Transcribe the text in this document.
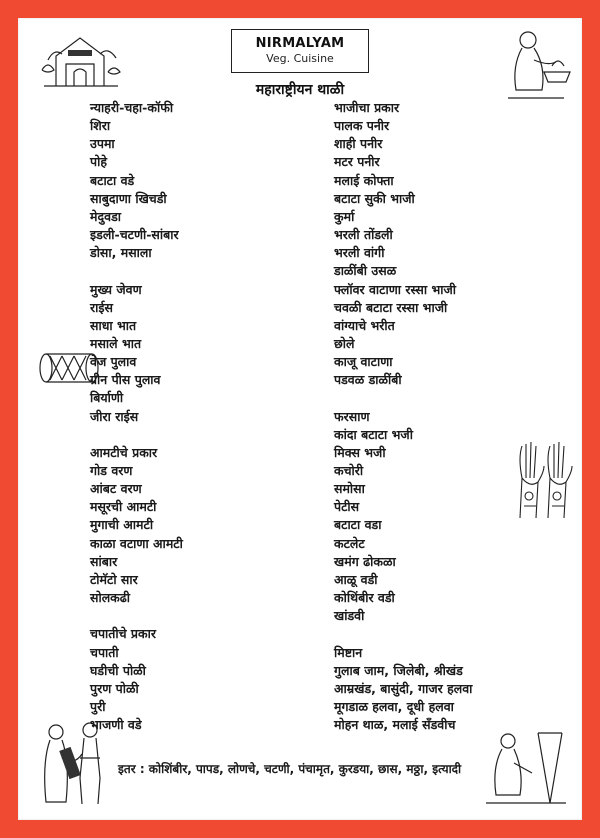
NIRMALYAM
Veg. Cuisine
महाराष्ट्रीयन थाळी
न्याहरी-चहा-कॉफी
शिरा
उपमा
पोहे
बटाटा वडे
साबुदाणा खिचडी
मेदुवडा
इडली-चटणी-सांबार
डोसा, मसाला
मुख्य जेवण
राईस
साधा भात
मसाले भात
वेज पुलाव
ग्रीन पीस पुलाव
बिर्याणी
जीरा राईस
आमटीचे प्रकार
गोड वरण
आंबट वरण
मसूरची आमटी
मुगाची आमटी
काळा वटाणा आमटी
सांबार
टोमॅटो सार
सोलकढी
चपातीचे प्रकार
चपाती
घडीची पोळी
पुरण पोळी
पुरी
भाजणी वडे
भाजीचा प्रकार
पालक पनीर
शाही पनीर
मटर पनीर
मलाई कोफ्ता
बटाटा सुकी भाजी
कुर्मा
भरली तोंडली
भरली वांगी
डाळींबी उसळ
फ्लॉवर वाटाणा रस्सा भाजी
चवळी बटाटा रस्सा भाजी
वांग्याचे भरीत
छोले
काजू वाटाणा
पडवळ डाळींबी
फरसाण
कांदा बटाटा भजी
मिक्स भजी
कचोरी
समोसा
पेटीस
बटाटा वडा
कटलेट
खमंग ढोकळा
आळू वडी
कोथिंबीर वडी
खांडवी
मिष्टान
गुलाब जाम, जिलेबी, श्रीखंड
आम्रखंड, बासुंदी, गाजर हलवा
मूगडाळ हलवा, दूधी हलवा
मोहन थाळ, मलाई सँडवीच
इतर : कोशिंबीर, पापड, लोणचे, चटणी, पंचामृत, कुरडया, छास, मठ्ठा, इत्यादी
